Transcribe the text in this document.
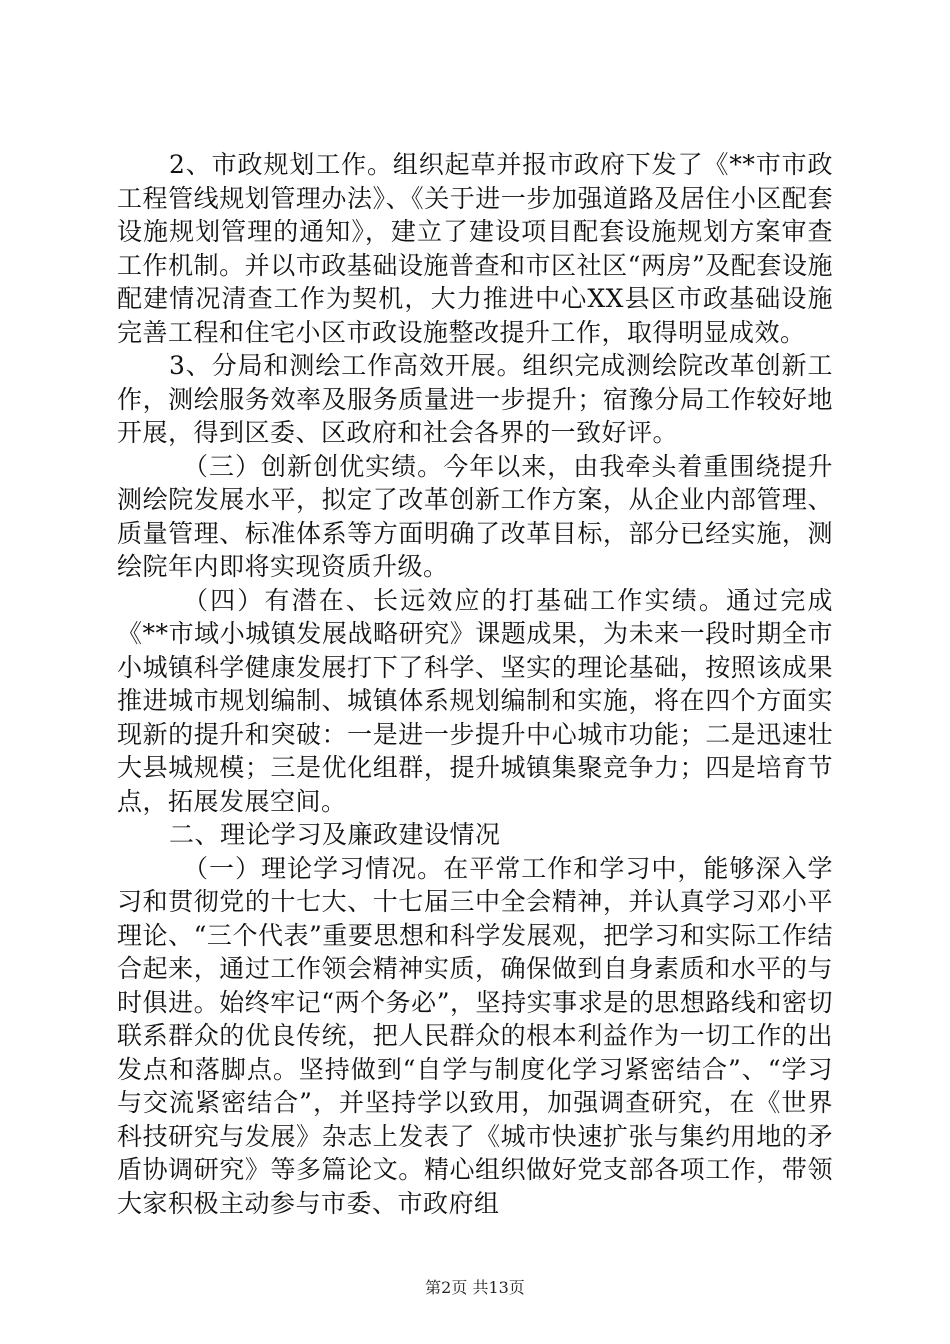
2、市政规划工作。组织起草并报市政府下发了《**市市政工程管线规划管理办法》、《关于进一步加强道路及居住小区配套设施规划管理的通知》，建立了建设项目配套设施规划方案审查工作机制。并以市政基础设施普查和市区社区“两房”及配套设施配建情况清查工作为契机，大力推进中心XX县区市政基础设施完善工程和住宅小区市政设施整改提升工作，取得明显成效。

3、分局和测绘工作高效开展。组织完成测绘院改革创新工作，测绘服务效率及服务质量进一步提升；宿豫分局工作较好地开展，得到区委、区政府和社会各界的一致好评。

（三）创新创优实绩。今年以来，由我牵头着重围绕提升测绘院发展水平，拟定了改革创新工作方案，从企业内部管理、质量管理、标准体系等方面明确了改革目标，部分已经实施，测绘院年内即将实现资质升级。

（四）有潜在、长远效应的打基础工作实绩。通过完成《**市域小城镇发展战略研究》课题成果，为未来一段时期全市小城镇科学健康发展打下了科学、坚实的理论基础，按照该成果推进城市规划编制、城镇体系规划编制和实施，将在四个方面实现新的提升和突破：一是进一步提升中心城市功能；二是迅速壮大县城规模；三是优化组群，提升城镇集聚竞争力；四是培育节点，拓展发展空间。

二、理论学习及廉政建设情况

（一）理论学习情况。在平常工作和学习中，能够深入学习和贯彻党的十七大、十七届三中全会精神，并认真学习邓小平理论、“三个代表”重要思想和科学发展观，把学习和实际工作结合起来，通过工作领会精神实质，确保做到自身素质和水平的与时俱进。始终牢记“两个务必”，坚持实事求是的思想路线和密切联系群众的优良传统，把人民群众的根本利益作为一切工作的出发点和落脚点。坚持做到“自学与制度化学习紧密结合”、“学习与交流紧密结合”，并坚持学以致用，加强调查研究，在《世界科技研究与发展》杂志上发表了《城市快速扩张与集约用地的矛盾协调研究》等多篇论文。精心组织做好党支部各项工作，带领大家积极主动参与市委、市政府组

第2页 共13页
